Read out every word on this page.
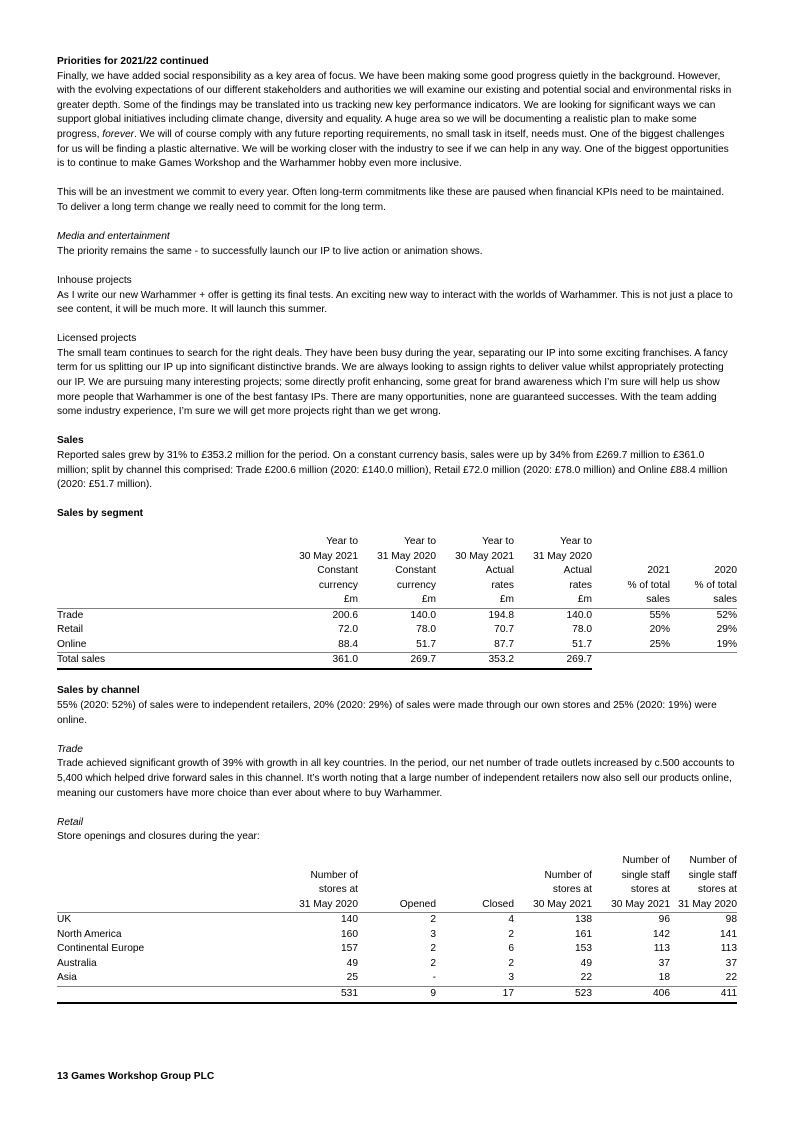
Priorities for 2021/22 continued

Finally, we have added social responsibility as a key area of focus. We have been making some good progress quietly in the background. However, with the evolving expectations of our different stakeholders and authorities we will examine our existing and potential social and environmental risks in greater depth. Some of the findings may be translated into us tracking new key performance indicators. We are looking for significant ways we can support global initiatives including climate change, diversity and equality. A huge area so we will be documenting a realistic plan to make some progress, forever. We will of course comply with any future reporting requirements, no small task in itself, needs must. One of the biggest challenges for us will be finding a plastic alternative. We will be working closer with the industry to see if we can help in any way. One of the biggest opportunities is to continue to make Games Workshop and the Warhammer hobby even more inclusive.

This will be an investment we commit to every year. Often long-term commitments like these are paused when financial KPIs need to be maintained. To deliver a long term change we really need to commit for the long term.

Media and entertainment

The priority remains the same - to successfully launch our IP to live action or animation shows.

Inhouse projects

As I write our new Warhammer + offer is getting its final tests. An exciting new way to interact with the worlds of Warhammer. This is not just a place to see content, it will be much more. It will launch this summer.

Licensed projects

The small team continues to search for the right deals. They have been busy during the year, separating our IP into some exciting franchises. A fancy term for us splitting our IP up into significant distinctive brands. We are always looking to assign rights to deliver value whilst appropriately protecting our IP. We are pursuing many interesting projects; some directly profit enhancing, some great for brand awareness which I’m sure will help us show more people that Warhammer is one of the best fantasy IPs. There are many opportunities, none are guaranteed successes. With the team adding some industry experience, I’m sure we will get more projects right than we get wrong.

Sales

Reported sales grew by 31% to £353.2 million for the period. On a constant currency basis, sales were up by 34% from £269.7 million to £361.0 million; split by channel this comprised: Trade £200.6 million (2020: £140.0 million), Retail £72.0 million (2020: £78.0 million) and Online £88.4 million (2020: £51.7 million).

Sales by segment
	Year to	Year to	Year to	Year to		
	30 May 2021	31 May 2020	30 May 2021	31 May 2020		
	Constant	Constant	Actual	Actual	2021	2020
	currency	currency	rates	rates	% of total	% of total
	£m	£m	£m	£m	sales	sales
Trade	200.6	140.0	194.8	140.0	55%	52%
Retail	72.0	78.0	70.7	78.0	20%	29%
Online	88.4	51.7	87.7	51.7	25%	19%
Total sales	361.0	269.7	353.2	269.7		
Sales by channel

55% (2020: 52%) of sales were to independent retailers, 20% (2020: 29%) of sales were made through our own stores and 25% (2020: 19%) were online.

Trade

Trade achieved significant growth of 39% with growth in all key countries. In the period, our net number of trade outlets increased by c.500 accounts to 5,400 which helped drive forward sales in this channel. It’s worth noting that a large number of independent retailers now also sell our products online, meaning our customers have more choice than ever about where to buy Warhammer.

Retail

Store openings and closures during the year:

					Number of	Number of
	Number of			Number of	single staff	single staff
	stores at			stores at	stores at	stores at
	31 May 2020	Opened	Closed	30 May 2021	30 May 2021	31 May 2020
UK	140	2	4	138	96	98
North America	160	3	2	161	142	141
Continental Europe	157	2	6	153	113	113
Australia	49	2	2	49	37	37
Asia	25	-	3	22	18	22
	531	9	17	523	406	411
13 Games Workshop Group PLC
